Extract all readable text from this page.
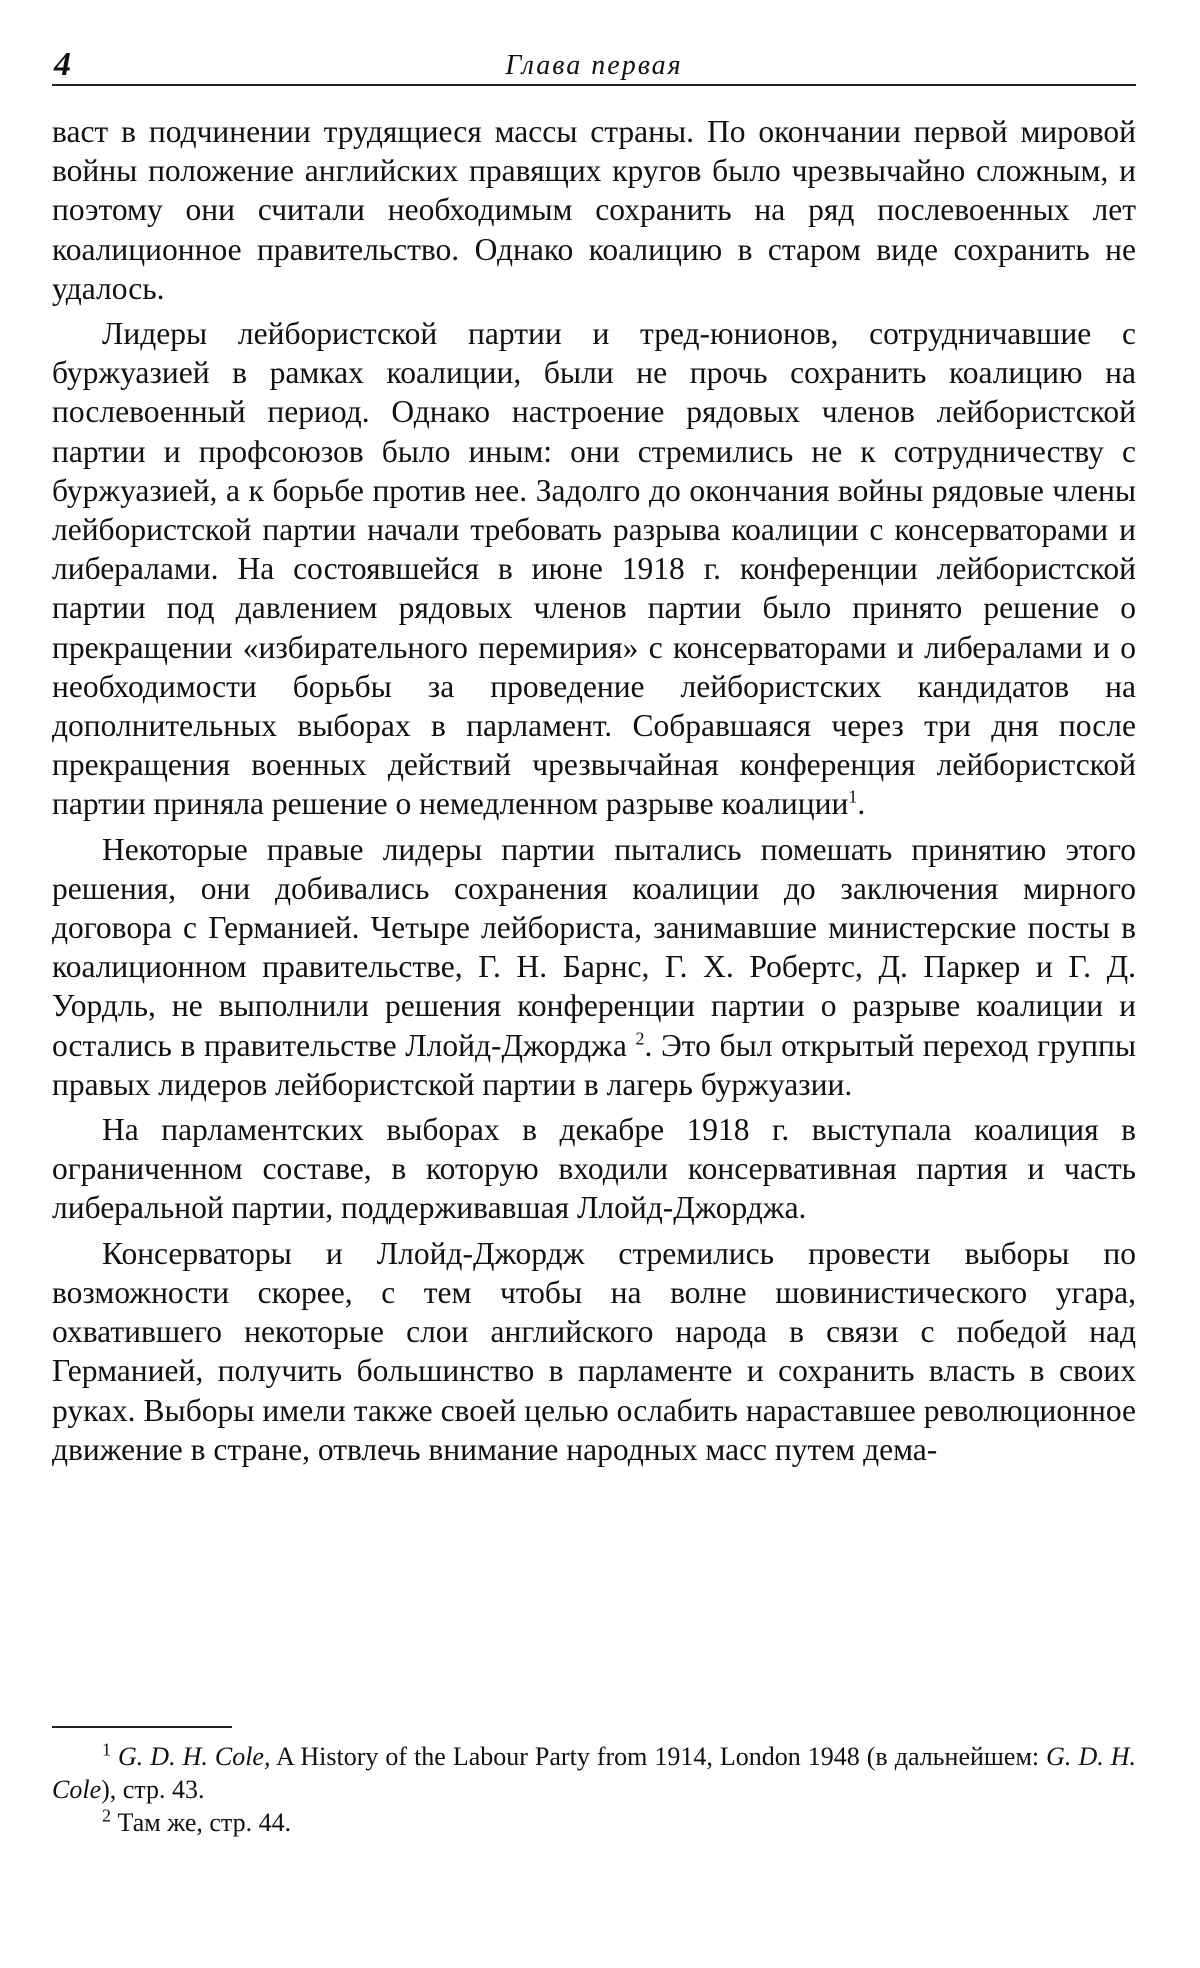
4	Глава первая

васт в подчинении трудящиеся массы страны. По окончании первой мировой войны положение английских правящих кругов было чрезвычайно сложным, и поэтому они считали необходимым сохранить на ряд послевоенных лет коалиционное правительство. Однако коалицию в старом виде сохранить не удалось.

Лидеры лейбористской партии и тред-юнионов, сотрудничавшие с буржуазией в рамках коалиции, были не прочь сохранить коалицию на послевоенный период. Однако настроение рядовых членов лейбористской партии и профсоюзов было иным: они стремились не к сотрудничеству с буржуазией, а к борьбе против нее. Задолго до окончания войны рядовые члены лейбористской партии начали требовать разрыва коалиции с консерваторами и либералами. На состоявшейся в июне 1918 г. конференции лейбористской партии под давлением рядовых членов партии было принято решение о прекращении «избирательного перемирия» с консерваторами и либералами и о необходимости борьбы за проведение лейбористских кандидатов на дополнительных выборах в парламент. Собравшаяся через три дня после прекращения военных действий чрезвычайная конференция лейбористской партии приняла решение о немедленном разрыве коалиции$^1$.

Некоторые правые лидеры партии пытались помешать принятию этого решения, они добивались сохранения коалиции до заключения мирного договора с Германией. Четыре лейбориста, занимавшие министерские посты в коалиционном правительстве, Г. Н. Барнс, Г. Х. Робертс, Д. Паркер и Г. Д. Уордль, не выполнили решения конференции партии о разрыве коалиции и остались в правительстве Ллойд-Джорджа $^2$. Это был открытый переход группы правых лидеров лейбористской партии в лагерь буржуазии.

На парламентских выборах в декабре 1918 г. выступала коалиция в ограниченном составе, в которую входили консервативная партия и часть либеральной партии, поддерживавшая Ллойд-Джорджа.

Консерваторы и Ллойд-Джордж стремились провести выборы по возможности скорее, с тем чтобы на волне шовинистического угара, охватившего некоторые слои английского народа в связи с победой над Германией, получить большинство в парламенте и сохранить власть в своих руках. Выборы имели также своей целью ослабить нараставшее революционное движение в стране, отвлечь внимание народных масс путем дема-

$^1$ G. D. H. Cole, A History of the Labour Party from 1914, London 1948 (в дальнейшем: G. D. H. Cole), стр. 43.

$^2$ Там же, стр. 44.
